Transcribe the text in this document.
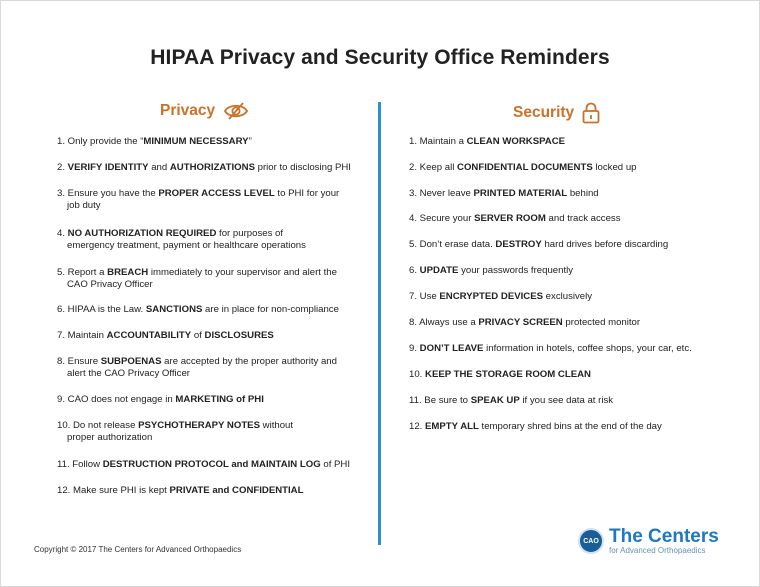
HIPAA Privacy and Security Office Reminders
Privacy	Security
1. Only provide the “MINIMUM NECESSARY”
2. VERIFY IDENTITY and AUTHORIZATIONS prior to disclosing PHI
3. Ensure you have the PROPER ACCESS LEVEL to PHI for your
job duty
4. NO AUTHORIZATION REQUIRED for purposes of
emergency treatment, payment or healthcare operations
5. Report a BREACH immediately to your supervisor and alert the
CAO Privacy Officer
6. HIPAA is the Law. SANCTIONS are in place for non-compliance
7. Maintain ACCOUNTABILITY of DISCLOSURES
8. Ensure SUBPOENAS are accepted by the proper authority and
alert the CAO Privacy Officer
9. CAO does not engage in MARKETING of PHI
10. Do not release PSYCHOTHERAPY NOTES without
proper authorization
11. Follow DESTRUCTION PROTOCOL and MAINTAIN LOG of PHI
12. Make sure PHI is kept PRIVATE and CONFIDENTIAL
1. Maintain a CLEAN WORKSPACE
2. Keep all CONFIDENTIAL DOCUMENTS locked up
3. Never leave PRINTED MATERIAL behind
4. Secure your SERVER ROOM and track access
5. Don’t erase data. DESTROY hard drives before discarding
6. UPDATE your passwords frequently
7. Use ENCRYPTED DEVICES exclusively
8. Always use a PRIVACY SCREEN protected monitor
9. DON’T LEAVE information in hotels, coffee shops, your car, etc.
10. KEEP THE STORAGE ROOM CLEAN
11. Be sure to SPEAK UP if you see data at risk
12. EMPTY ALL temporary shred bins at the end of the day
Copyright © 2017 The Centers for Advanced Orthopaedics
CAO The Centers
for Advanced Orthopaedics
